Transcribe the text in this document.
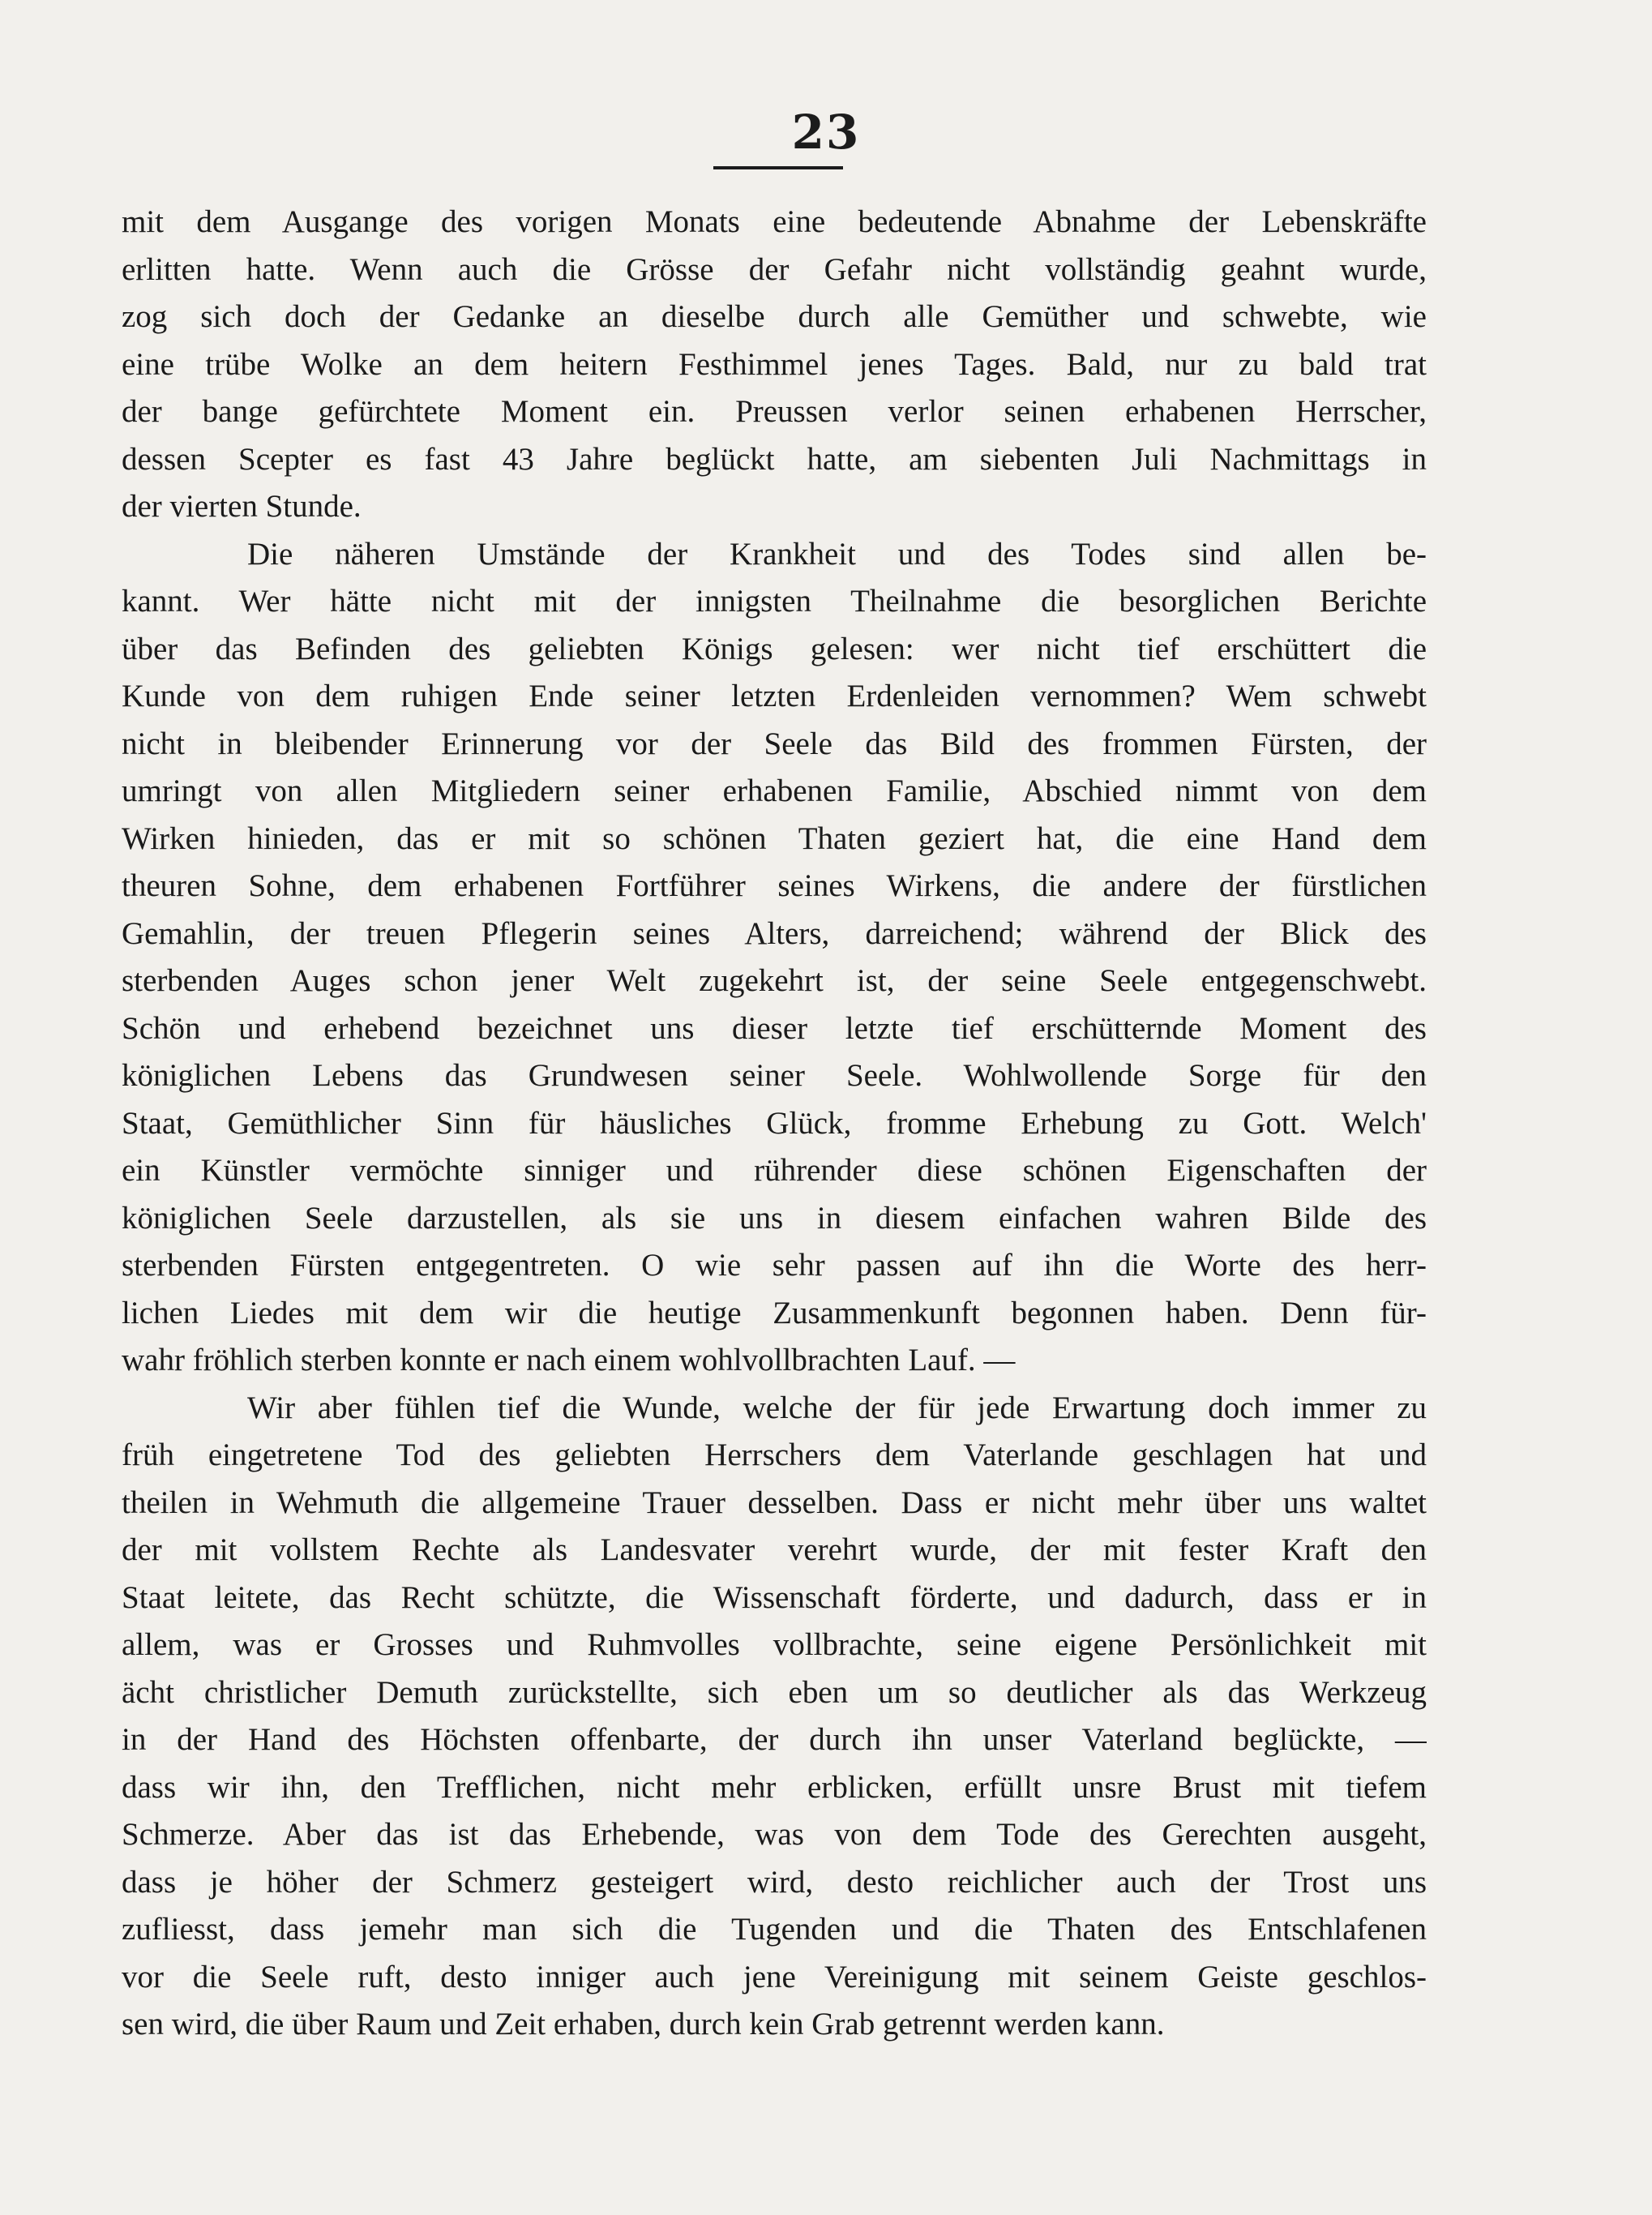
23
mit dem Ausgange des vorigen Monats eine bedeutende Abnahme der Lebenskräfte
erlitten hatte. Wenn auch die Grösse der Gefahr nicht vollständig geahnt wurde,
zog sich doch der Gedanke an dieselbe durch alle Gemüther und schwebte, wie
eine trübe Wolke an dem heitern Festhimmel jenes Tages. Bald, nur zu bald trat
der bange gefürchtete Moment ein. Preussen verlor seinen erhabenen Herrscher,
dessen Scepter es fast 43 Jahre beglückt hatte, am siebenten Juli Nachmittags in
der vierten Stunde.
Die näheren Umstände der Krankheit und des Todes sind allen be-
kannt. Wer hätte nicht mit der innigsten Theilnahme die besorglichen Berichte
über das Befinden des geliebten Königs gelesen: wer nicht tief erschüttert die
Kunde von dem ruhigen Ende seiner letzten Erdenleiden vernommen? Wem schwebt
nicht in bleibender Erinnerung vor der Seele das Bild des frommen Fürsten, der
umringt von allen Mitgliedern seiner erhabenen Familie, Abschied nimmt von dem
Wirken hinieden, das er mit so schönen Thaten geziert hat, die eine Hand dem
theuren Sohne, dem erhabenen Fortführer seines Wirkens, die andere der fürstlichen
Gemahlin, der treuen Pflegerin seines Alters, darreichend; während der Blick des
sterbenden Auges schon jener Welt zugekehrt ist, der seine Seele entgegenschwebt.
Schön und erhebend bezeichnet uns dieser letzte tief erschütternde Moment des
königlichen Lebens das Grundwesen seiner Seele. Wohlwollende Sorge für den
Staat, Gemüthlicher Sinn für häusliches Glück, fromme Erhebung zu Gott. Welch'
ein Künstler vermöchte sinniger und rührender diese schönen Eigenschaften der
königlichen Seele darzustellen, als sie uns in diesem einfachen wahren Bilde des
sterbenden Fürsten entgegentreten. O wie sehr passen auf ihn die Worte des herr-
lichen Liedes mit dem wir die heutige Zusammenkunft begonnen haben. Denn für-
wahr fröhlich sterben konnte er nach einem wohlvollbrachten Lauf. —
Wir aber fühlen tief die Wunde, welche der für jede Erwartung doch immer zu
früh eingetretene Tod des geliebten Herrschers dem Vaterlande geschlagen hat und
theilen in Wehmuth die allgemeine Trauer desselben. Dass er nicht mehr über uns waltet
der mit vollstem Rechte als Landesvater verehrt wurde, der mit fester Kraft den
Staat leitete, das Recht schützte, die Wissenschaft förderte, und dadurch, dass er in
allem, was er Grosses und Ruhmvolles vollbrachte, seine eigene Persönlichkeit mit
ächt christlicher Demuth zurückstellte, sich eben um so deutlicher als das Werkzeug
in der Hand des Höchsten offenbarte, der durch ihn unser Vaterland beglückte, —
dass wir ihn, den Trefflichen, nicht mehr erblicken, erfüllt unsre Brust mit tiefem
Schmerze. Aber das ist das Erhebende, was von dem Tode des Gerechten ausgeht,
dass je höher der Schmerz gesteigert wird, desto reichlicher auch der Trost uns
zufliesst, dass jemehr man sich die Tugenden und die Thaten des Entschlafenen
vor die Seele ruft, desto inniger auch jene Vereinigung mit seinem Geiste geschlos-
sen wird, die über Raum und Zeit erhaben, durch kein Grab getrennt werden kann.
